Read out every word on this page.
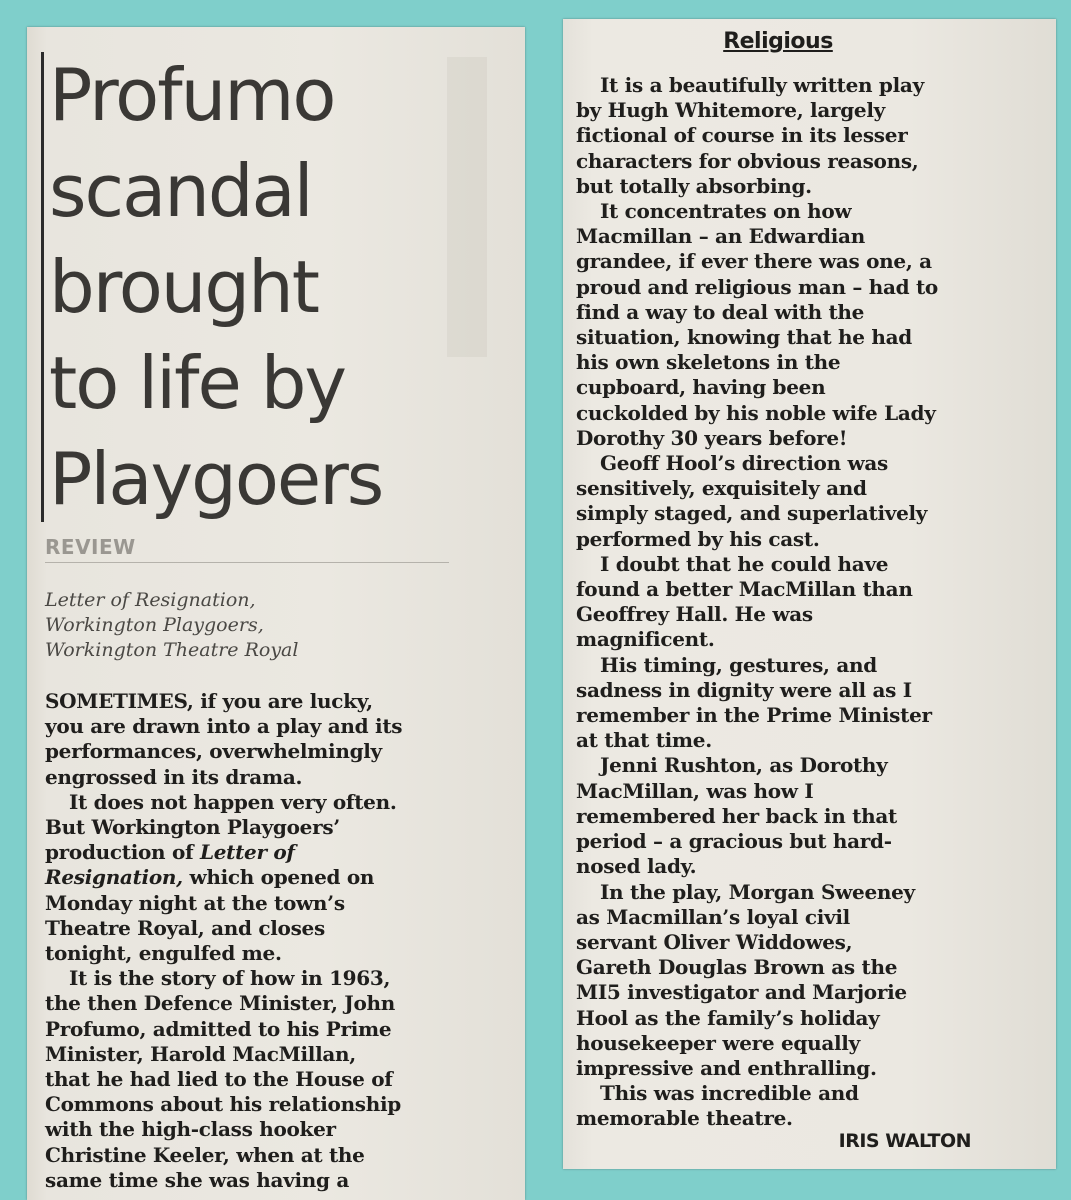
Profumo
scandal
brought
to life by
Playgoers
REVIEW
Letter of Resignation,
Workington Playgoers,
Workington Theatre Royal
SOMETIMES, if you are lucky,
you are drawn into a play and its
performances, overwhelmingly
engrossed in its drama.
It does not happen very often.
But Workington Playgoers’
production of Letter of
Resignation, which opened on
Monday night at the town’s
Theatre Royal, and closes
tonight, engulfed me.
It is the story of how in 1963,
the then Defence Minister, John
Profumo, admitted to his Prime
Minister, Harold MacMillan,
that he had lied to the House of
Commons about his relationship
with the high-class hooker
Christine Keeler, when at the
same time she was having a
Religious
It is a beautifully written play
by Hugh Whitemore, largely
fictional of course in its lesser
characters for obvious reasons,
but totally absorbing.
It concentrates on how
Macmillan – an Edwardian
grandee, if ever there was one, a
proud and religious man – had to
find a way to deal with the
situation, knowing that he had
his own skeletons in the
cupboard, having been
cuckolded by his noble wife Lady
Dorothy 30 years before!
Geoff Hool’s direction was
sensitively, exquisitely and
simply staged, and superlatively
performed by his cast.
I doubt that he could have
found a better MacMillan than
Geoffrey Hall. He was
magnificent.
His timing, gestures, and
sadness in dignity were all as I
remember in the Prime Minister
at that time.
Jenni Rushton, as Dorothy
MacMillan, was how I
remembered her back in that
period – a gracious but hard-
nosed lady.
In the play, Morgan Sweeney
as Macmillan’s loyal civil
servant Oliver Widdowes,
Gareth Douglas Brown as the
MI5 investigator and Marjorie
Hool as the family’s holiday
housekeeper were equally
impressive and enthralling.
This was incredible and
memorable theatre.
IRIS WALTON
